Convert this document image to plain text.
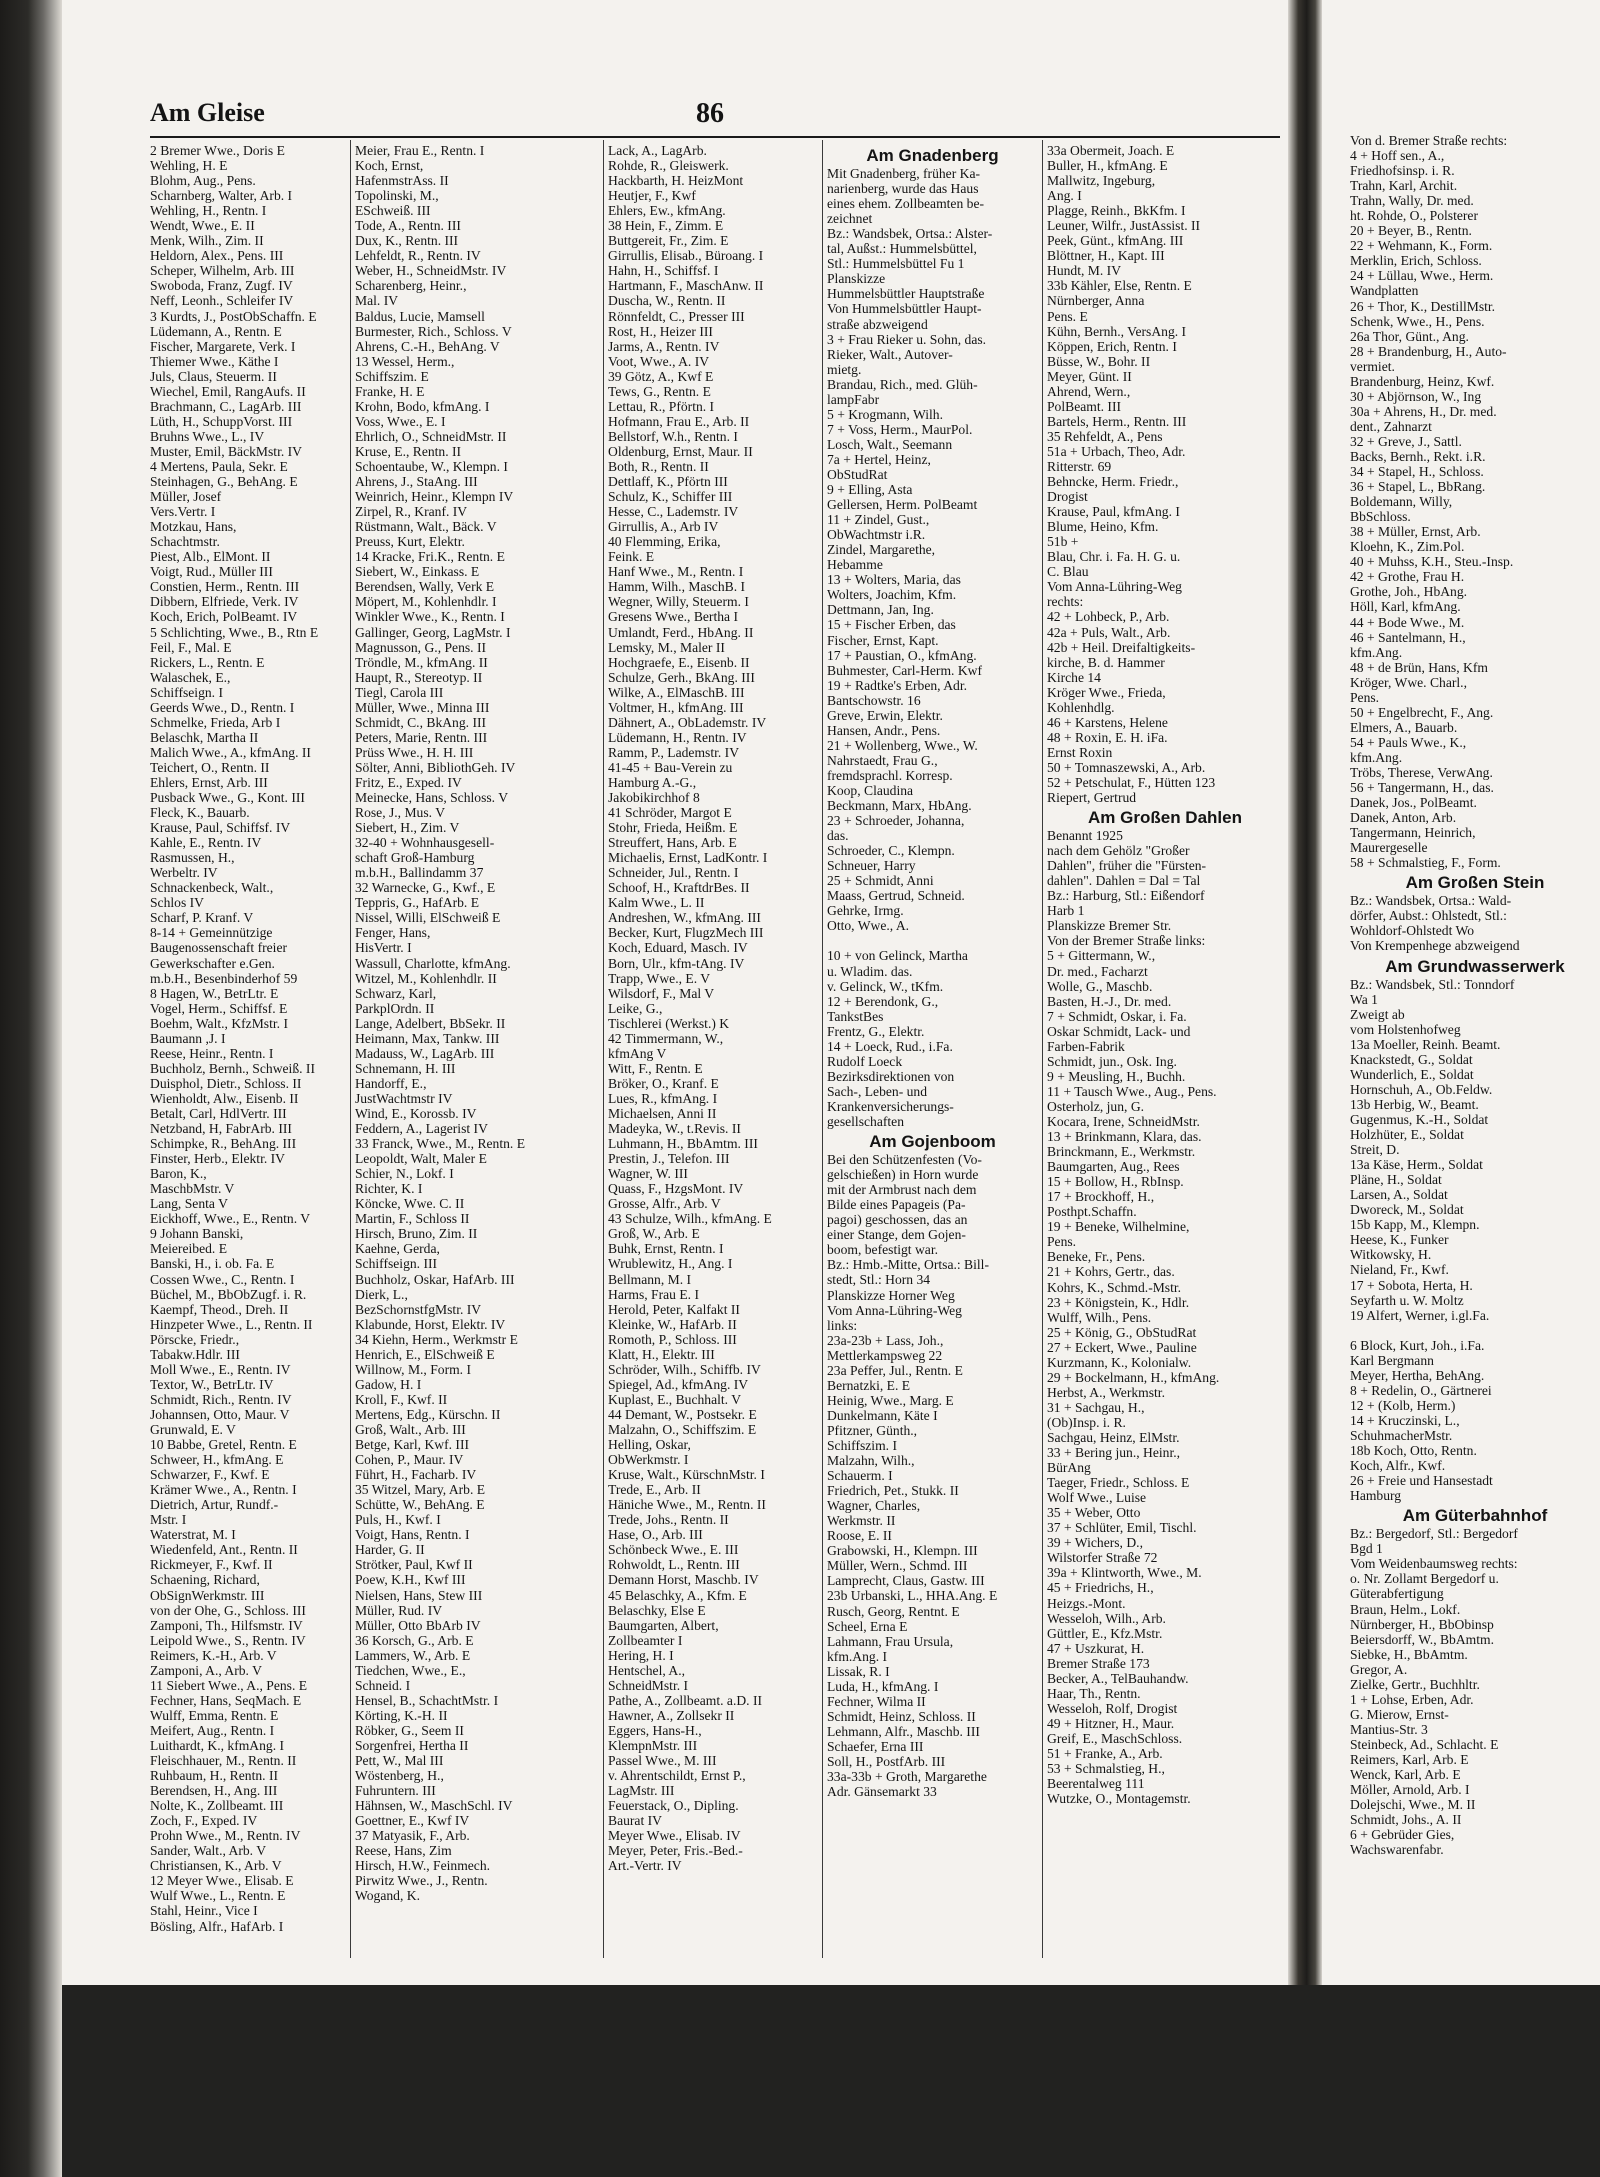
Am Gleise	86
2 Bremer Wwe., Doris E
Wehling, H. E
Blohm, Aug., Pens.
Scharnberg, Walter, Arb. I
Wehling, H., Rentn. I
Wendt, Wwe., E. II
Menk, Wilh., Zim. II
Heldorn, Alex., Pens. III
Scheper, Wilhelm, Arb. III
Swoboda, Franz, Zugf. IV
Neff, Leonh., Schleifer IV
3 Kurdts, J., PostObSchaffn. E
Lüdemann, A., Rentn. E
Fischer, Margarete, Verk. I
Thiemer Wwe., Käthe I
Juls, Claus, Steuerm. II
Wiechel, Emil, RangAufs. II
Brachmann, C., LagArb. III
Lüth, H., SchuppVorst. III
Bruhns Wwe., L., IV
Muster, Emil, BäckMstr. IV
4 Mertens, Paula, Sekr. E
Steinhagen, G., BehAng. E
Müller, Josef
Vers.Vertr. I
Motzkau, Hans,
Schachtmstr.
Piest, Alb., ElMont. II
Voigt, Rud., Müller III
Constien, Herm., Rentn. III
Dibbern, Elfriede, Verk. IV
Koch, Erich, PolBeamt. IV
5 Schlichting, Wwe., B., Rtn E
Feil, F., Mal. E
Rickers, L., Rentn. E
Walaschek, E.,
Schiffseign. I
Geerds Wwe., D., Rentn. I
Schmelke, Frieda, Arb I
Belaschk, Martha II
Malich Wwe., A., kfmAng. II
Teichert, O., Rentn. II
Ehlers, Ernst, Arb. III
Pusback Wwe., G., Kont. III
Fleck, K., Bauarb.
Krause, Paul, Schiffsf. IV
Kahle, E., Rentn. IV
Rasmussen, H.,
Werbeltr. IV
Schnackenbeck, Walt.,
Schlos IV
Scharf, P. Kranf. V
8-14 + Gemeinnützige
Baugenossenschaft freier
Gewerkschafter e.Gen.
m.b.H., Besenbinderhof 59
8 Hagen, W., BetrLtr. E
Vogel, Herm., Schiffsf. E
Boehm, Walt., KfzMstr. I
Baumann ,J. I
Reese, Heinr., Rentn. I
Buchholz, Bernh., Schweiß. II
Duisphol, Dietr., Schloss. II
Wienholdt, Alw., Eisenb. II
Betalt, Carl, HdlVertr. III
Netzband, H, FabrArb. III
Schimpke, R., BehAng. III
Finster, Herb., Elektr. IV
Baron, K.,
MaschbMstr. V
Lang, Senta V
Eickhoff, Wwe., E., Rentn. V
9 Johann Banski,
Meiereibed. E
Banski, H., i. ob. Fa. E
Cossen Wwe., C., Rentn. I
Büchel, M., BbObZugf. i. R.
Kaempf, Theod., Dreh. II
Hinzpeter Wwe., L., Rentn. II
Pörscke, Friedr.,
Tabakw.Hdlr. III
Moll Wwe., E., Rentn. IV
Textor, W., BetrLtr. IV
Schmidt, Rich., Rentn. IV
Johannsen, Otto, Maur. V
Grunwald, E. V
10 Babbe, Gretel, Rentn. E
Schweer, H., kfmAng. E
Schwarzer, F., Kwf. E
Krämer Wwe., A., Rentn. I
Dietrich, Artur, Rundf.-
Mstr. I
Waterstrat, M. I
Wiedenfeld, Ant., Rentn. II
Rickmeyer, F., Kwf. II
Schaening, Richard,
ObSignWerkmstr. III
von der Ohe, G., Schloss. III
Zamponi, Th., Hilfsmstr. IV
Leipold Wwe., S., Rentn. IV
Reimers, K.-H., Arb. V
Zamponi, A., Arb. V
11 Siebert Wwe., A., Pens. E
Fechner, Hans, SeqMach. E
Wulff, Emma, Rentn. E
Meifert, Aug., Rentn. I
Luithardt, K., kfmAng. I
Fleischhauer, M., Rentn. II
Ruhbaum, H., Rentn. II
Berendsen, H., Ang. III
Nolte, K., Zollbeamt. III
Zoch, F., Exped. IV
Prohn Wwe., M., Rentn. IV
Sander, Walt., Arb. V
Christiansen, K., Arb. V
12 Meyer Wwe., Elisab. E
Wulf Wwe., L., Rentn. E
Stahl, Heinr., Vice I
Bösling, Alfr., HafArb. I
Meier, Frau E., Rentn. I
Koch, Ernst,
HafenmstrAss. II
Topolinski, M.,
ESchweiß. III
Tode, A., Rentn. III
Dux, K., Rentn. III
Lehfeldt, R., Rentn. IV
Weber, H., SchneidMstr. IV
Scharenberg, Heinr.,
Mal. IV
Baldus, Lucie, Mamsell
Burmester, Rich., Schloss. V
Ahrens, C.-H., BehAng. V
13 Wessel, Herm.,
Schiffszim. E
Franke, H. E
Krohn, Bodo, kfmAng. I
Voss, Wwe., E. I
Ehrlich, O., SchneidMstr. II
Kruse, E., Rentn. II
Schoentaube, W., Klempn. I
Ahrens, J., StaAng. III
Weinrich, Heinr., Klempn IV
Zirpel, R., Kranf. IV
Rüstmann, Walt., Bäck. V
Preuss, Kurt, Elektr.
14 Kracke, Fri.K., Rentn. E
Siebert, W., Einkass. E
Berendsen, Wally, Verk E
Möpert, M., Kohlenhdlr. I
Winkler Wwe., K., Rentn. I
Gallinger, Georg, LagMstr. I
Magnusson, G., Pens. II
Tröndle, M., kfmAng. II
Haupt, R., Stereotyp. II
Tiegl, Carola III
Müller, Wwe., Minna III
Schmidt, C., BkAng. III
Peters, Marie, Rentn. III
Prüss Wwe., H. H. III
Sölter, Anni, BibliothGeh. IV
Fritz, E., Exped. IV
Meinecke, Hans, Schloss. V
Rose, J., Mus. V
Siebert, H., Zim. V
32-40 + Wohnhausgesell-
schaft Groß-Hamburg
m.b.H., Ballindamm 37
32 Warnecke, G., Kwf., E
Teppris, G., HafArb. E
Nissel, Willi, ElSchweiß E
Fenger, Hans,
HisVertr. I
Wassull, Charlotte, kfmAng.
Witzel, M., Kohlenhdlr. II
Schwarz, Karl,
ParkplOrdn. II
Lange, Adelbert, BbSekr. II
Heimann, Max, Tankw. III
Madauss, W., LagArb. III
Schnemann, H. III
Handorff, E.,
JustWachtmstr IV
Wind, E., Korossb. IV
Feddern, A., Lagerist IV
33 Franck, Wwe., M., Rentn. E
Leopoldt, Walt, Maler E
Schier, N., Lokf. I
Richter, K. I
Köncke, Wwe. C. II
Martin, F., Schloss II
Hirsch, Bruno, Zim. II
Kaehne, Gerda,
Schiffseign. III
Buchholz, Oskar, HafArb. III
Dierk, L.,
BezSchornstfgMstr. IV
Klabunde, Horst, Elektr. IV
34 Kiehn, Herm., Werkmstr E
Henrich, E., ElSchweiß E
Willnow, M., Form. I
Gadow, H. I
Kroll, F., Kwf. II
Mertens, Edg., Kürschn. II
Groß, Walt., Arb. III
Betge, Karl, Kwf. III
Cohen, P., Maur. IV
Führt, H., Facharb. IV
35 Witzel, Mary, Arb. E
Schütte, W., BehAng. E
Puls, H., Kwf. I
Voigt, Hans, Rentn. I
Harder, G. II
Strötker, Paul, Kwf II
Poew, K.H., Kwf III
Nielsen, Hans, Stew III
Müller, Rud. IV
Müller, Otto BbArb IV
36 Korsch, G., Arb. E
Lammers, W., Arb. E
Tiedchen, Wwe., E.,
Schneid. I
Hensel, B., SchachtMstr. I
Körting, K.-H. II
Röbker, G., Seem II
Sorgenfrei, Hertha II
Pett, W., Mal III
Wöstenberg, H.,
Fuhruntern. III
Hähnsen, W., MaschSchl. IV
Goettner, E., Kwf IV
37 Matyasik, F., Arb.
Reese, Hans, Zim
Hirsch, H.W., Feinmech.
Pirwitz Wwe., J., Rentn.
Wogand, K.
Lack, A., LagArb.
Rohde, R., Gleiswerk.
Hackbarth, H. HeizMont
Heutjer, F., Kwf
Ehlers, Ew., kfmAng.
38 Hein, F., Zimm. E
Buttgereit, Fr., Zim. E
Girrullis, Elisab., Büroang. I
Hahn, H., Schiffsf. I
Hartmann, F., MaschAnw. II
Duscha, W., Rentn. II
Rönnfeldt, C., Presser III
Rost, H., Heizer III
Jarms, A., Rentn. IV
Voot, Wwe., A. IV
39 Götz, A., Kwf E
Tews, G., Rentn. E
Lettau, R., Pförtn. I
Hofmann, Frau E., Arb. II
Bellstorf, W.h., Rentn. I
Oldenburg, Ernst, Maur. II
Both, R., Rentn. II
Dettlaff, K., Pförtn III
Schulz, K., Schiffer III
Hesse, C., Lademstr. IV
Girrullis, A., Arb IV
40 Flemming, Erika,
Feink. E
Hanf Wwe., M., Rentn. I
Hamm, Wilh., MaschB. I
Wegner, Willy, Steuerm. I
Gresens Wwe., Bertha I
Umlandt, Ferd., HbAng. II
Lemsky, M., Maler II
Hochgraefe, E., Eisenb. II
Schulze, Gerh., BkAng. III
Wilke, A., ElMaschB. III
Voltmer, H., kfmAng. III
Dähnert, A., ObLademstr. IV
Lüdemann, H., Rentn. IV
Ramm, P., Lademstr. IV
41-45 + Bau-Verein zu
Hamburg A.-G.,
Jakobikirchhof 8
41 Schröder, Margot E
Stohr, Frieda, Heißm. E
Streuffert, Hans, Arb. E
Michaelis, Ernst, LadKontr. I
Schneider, Jul., Rentn. I
Schoof, H., KraftdrBes. II
Kalm Wwe., L. II
Andreshen, W., kfmAng. III
Becker, Kurt, FlugzMech III
Koch, Eduard, Masch. IV
Born, Ulr., kfm-tAng. IV
Trapp, Wwe., E. V
Wilsdorf, F., Mal V
Leike, G.,
Tischlerei (Werkst.) K
42 Timmermann, W.,
kfmAng V
Witt, F., Rentn. E
Bröker, O., Kranf. E
Lues, R., kfmAng. I
Michaelsen, Anni II
Madeyka, W., t.Revis. II
Luhmann, H., BbAmtm. III
Prestin, J., Telefon. III
Wagner, W. III
Quass, F., HzgsMont. IV
Grosse, Alfr., Arb. V
43 Schulze, Wilh., kfmAng. E
Groß, W., Arb. E
Buhk, Ernst, Rentn. I
Wrublewitz, H., Ang. I
Bellmann, M. I
Harms, Frau E. I
Herold, Peter, Kalfakt II
Kleinke, W., HafArb. II
Romoth, P., Schloss. III
Klatt, H., Elektr. III
Schröder, Wilh., Schiffb. IV
Spiegel, Ad., kfmAng. IV
Kuplast, E., Buchhalt. V
44 Demant, W., Postsekr. E
Malzahn, O., Schiffszim. E
Helling, Oskar,
ObWerkmstr. I
Kruse, Walt., KürschnMstr. I
Trede, E., Arb. II
Häniche Wwe., M., Rentn. II
Trede, Johs., Rentn. II
Hase, O., Arb. III
Schönbeck Wwe., E. III
Rohwoldt, L., Rentn. III
Demann Horst, Maschb. IV
45 Belaschky, A., Kfm. E
Belaschky, Else E
Baumgarten, Albert,
Zollbeamter I
Hering, H. I
Hentschel, A.,
SchneidMstr. I
Pathe, A., Zollbeamt. a.D. II
Hawner, A., Zollsekr II
Eggers, Hans-H.,
KlempnMstr. III
Passel Wwe., M. III
v. Ahrentschildt, Ernst P.,
LagMstr. III
Feuerstack, O., Dipling.
Baurat IV
Meyer Wwe., Elisab. IV
Meyer, Peter, Fris.-Bed.-
Art.-Vertr. IV
Am Gnadenberg
Mit Gnadenberg, früher Ka-
narienberg, wurde das Haus
eines ehem. Zollbeamten be-
zeichnet
Bz.: Wandsbek, Ortsa.: Alster-
tal, Außst.: Hummelsbüttel,
Stl.: Hummelsbüttel Fu 1
Planskizze
Hummelsbüttler Hauptstraße
Von Hummelsbüttler Haupt-
straße abzweigend
3 + Frau Rieker u. Sohn, das.
Rieker, Walt., Autover-
mietg.
Brandau, Rich., med. Glüh-
lampFabr
5 + Krogmann, Wilh.
7 + Voss, Herm., MaurPol.
Losch, Walt., Seemann
7a + Hertel, Heinz,
ObStudRat
9 + Elling, Asta
Gellersen, Herm. PolBeamt
11 + Zindel, Gust.,
ObWachtmstr i.R.
Zindel, Margarethe,
Hebamme
13 + Wolters, Maria, das
Wolters, Joachim, Kfm.
Dettmann, Jan, Ing.
15 + Fischer Erben, das
Fischer, Ernst, Kapt.
17 + Paustian, O., kfmAng.
Buhmester, Carl-Herm. Kwf
19 + Radtke's Erben, Adr.
Bantschowstr. 16
Greve, Erwin, Elektr.
Hansen, Andr., Pens.
21 + Wollenberg, Wwe., W.
Nahrstaedt, Frau G.,
fremdsprachl. Korresp.
Koop, Claudina
Beckmann, Marx, HbAng.
23 + Schroeder, Johanna,
das.
Schroeder, C., Klempn.
Schneuer, Harry
25 + Schmidt, Anni
Maass, Gertrud, Schneid.
Gehrke, Irmg.
Otto, Wwe., A.

10 + von Gelinck, Martha
u. Wladim. das.
v. Gelinck, W., tKfm.
12 + Berendonk, G.,
TankstBes
Frentz, G., Elektr.
14 + Loeck, Rud., i.Fa.
Rudolf Loeck
Bezirksdirektionen von
Sach-, Leben- und
Krankenversicherungs-
gesellschaften
Am Gojenboom
Bei den Schützenfesten (Vo-
gelschießen) in Horn wurde
mit der Armbrust nach dem
Bilde eines Papageis (Pa-
pagoi) geschossen, das an
einer Stange, dem Gojen-
boom, befestigt war.
Bz.: Hmb.-Mitte, Ortsa.: Bill-
stedt, Stl.: Horn 34
Planskizze Horner Weg
Vom Anna-Lühring-Weg
links:
23a-23b + Lass, Joh.,
Mettlerkampsweg 22
23a Peffer, Jul., Rentn. E
Bernatzki, E. E
Heinig, Wwe., Marg. E
Dunkelmann, Käte I
Pfitzner, Günth.,
Schiffszim. I
Malzahn, Wilh.,
Schauerm. I
Friedrich, Pet., Stukk. II
Wagner, Charles,
Werkmstr. II
Roose, E. II
Grabowski, H., Klempn. III
Müller, Wern., Schmd. III
Lamprecht, Claus, Gastw. III
23b Urbanski, L., HHA.Ang. E
Rusch, Georg, Rentnt. E
Scheel, Erna E
Lahmann, Frau Ursula,
kfm.Ang. I
Lissak, R. I
Luda, H., kfmAng. I
Fechner, Wilma II
Schmidt, Heinz, Schloss. II
Lehmann, Alfr., Maschb. III
Schaefer, Erna III
Soll, H., PostfArb. III
33a-33b + Groth, Margarethe
Adr. Gänsemarkt 33
33a Obermeit, Joach. E
Buller, H., kfmAng. E
Mallwitz, Ingeburg,
Ang. I
Plagge, Reinh., BkKfm. I
Leuner, Wilfr., JustAssist. II
Peek, Günt., kfmAng. III
Blöttner, H., Kapt. III
Hundt, M. IV
33b Kähler, Else, Rentn. E
Nürnberger, Anna
Pens. E
Kühn, Bernh., VersAng. I
Köppen, Erich, Rentn. I
Büsse, W., Bohr. II
Meyer, Günt. II
Ahrend, Wern.,
PolBeamt. III
Bartels, Herm., Rentn. III
35 Rehfeldt, A., Pens
51a + Urbach, Theo, Adr.
Ritterstr. 69
Behncke, Herm. Friedr.,
Drogist
Krause, Paul, kfmAng. I
Blume, Heino, Kfm.
51b +
Blau, Chr. i. Fa. H. G. u.
C. Blau
Vom Anna-Lühring-Weg
rechts:
42 + Lohbeck, P., Arb.
42a + Puls, Walt., Arb.
42b + Heil. Dreifaltigkeits-
kirche, B. d. Hammer
Kirche 14
Kröger Wwe., Frieda,
Kohlenhdlg.
46 + Karstens, Helene
48 + Roxin, E. H. iFa.
Ernst Roxin
50 + Tomnaszewski, A., Arb.
52 + Petschulat, F., Hütten 123
Riepert, Gertrud
Am Großen Dahlen
Benannt 1925
nach dem Gehölz "Großer
Dahlen", früher die "Fürsten-
dahlen". Dahlen = Dal = Tal
Bz.: Harburg, Stl.: Eißendorf
Harb 1
Planskizze Bremer Str.
Von der Bremer Straße links:
5 + Gittermann, W.,
Dr. med., Facharzt
Wolle, G., Maschb.
Basten, H.-J., Dr. med.
7 + Schmidt, Oskar, i. Fa.
Oskar Schmidt, Lack- und
Farben-Fabrik
Schmidt, jun., Osk. Ing.
9 + Meusling, H., Buchh.
11 + Tausch Wwe., Aug., Pens.
Osterholz, jun, G.
Kocara, Irene, SchneidMstr.
13 + Brinkmann, Klara, das.
Brinckmann, E., Werkmstr.
Baumgarten, Aug., Rees
15 + Bollow, H., RbInsp.
17 + Brockhoff, H.,
Posthpt.Schaffn.
19 + Beneke, Wilhelmine,
Pens.
Beneke, Fr., Pens.
21 + Kohrs, Gertr., das.
Kohrs, K., Schmd.-Mstr.
23 + Königstein, K., Hdlr.
Wulff, Wilh., Pens.
25 + König, G., ObStudRat
27 + Eckert, Wwe., Pauline
Kurzmann, K., Kolonialw.
29 + Bockelmann, H., kfmAng.
Herbst, A., Werkmstr.
31 + Sachgau, H.,
(Ob)Insp. i. R.
Sachgau, Heinz, ElMstr.
33 + Bering jun., Heinr.,
BürAng
Taeger, Friedr., Schloss. E
Wolf Wwe., Luise
35 + Weber, Otto
37 + Schlüter, Emil, Tischl.
39 + Wichers, D.,
Wilstorfer Straße 72
39a + Klintworth, Wwe., M.
45 + Friedrichs, H.,
Heizgs.-Mont.
Wesseloh, Wilh., Arb.
Güttler, E., Kfz.Mstr.
47 + Uszkurat, H.
Bremer Straße 173
Becker, A., TelBauhandw.
Haar, Th., Rentn.
Wesseloh, Rolf, Drogist
49 + Hitzner, H., Maur.
Greif, E., MaschSchloss.
51 + Franke, A., Arb.
53 + Schmalstieg, H.,
Beerentalweg 111
Wutzke, O., Montagemstr.
Von d. Bremer Straße rechts:
4 + Hoff sen., A.,
Friedhofsinsp. i. R.
Trahn, Karl, Archit.
Trahn, Wally, Dr. med.
ht. Rohde, O., Polsterer
20 + Beyer, B., Rentn.
22 + Wehmann, K., Form.
Merklin, Erich, Schloss.
24 + Lüllau, Wwe., Herm.
Wandplatten
26 + Thor, K., DestillMstr.
Schenk, Wwe., H., Pens.
26a Thor, Günt., Ang.
28 + Brandenburg, H., Auto-
vermiet.
Brandenburg, Heinz, Kwf.
30 + Abjörnson, W., Ing
30a + Ahrens, H., Dr. med.
dent., Zahnarzt
32 + Greve, J., Sattl.
Backs, Bernh., Rekt. i.R.
34 + Stapel, H., Schloss.
36 + Stapel, L., BbRang.
Boldemann, Willy,
BbSchloss.
38 + Müller, Ernst, Arb.
Kloehn, K., Zim.Pol.
40 + Muhss, K.H., Steu.-Insp.
42 + Grothe, Frau H.
Grothe, Joh., HbAng.
Höll, Karl, kfmAng.
44 + Bode Wwe., M.
46 + Santelmann, H.,
kfm.Ang.
48 + de Brün, Hans, Kfm
Kröger, Wwe. Charl.,
Pens.
50 + Engelbrecht, F., Ang.
Elmers, A., Bauarb.
54 + Pauls Wwe., K.,
kfm.Ang.
Tröbs, Therese, VerwAng.
56 + Tangermann, H., das.
Danek, Jos., PolBeamt.
Danek, Anton, Arb.
Tangermann, Heinrich,
Maurergeselle
58 + Schmalstieg, F., Form.
Am Großen Stein
Bz.: Wandsbek, Ortsa.: Wald-
dörfer, Aubst.: Ohlstedt, Stl.:
Wohldorf-Ohlstedt Wo
Von Krempenhege abzweigend
Am Grundwasserwerk
Bz.: Wandsbek, Stl.: Tonndorf
Wa 1
Zweigt ab
vom Holstenhofweg
13a Moeller, Reinh. Beamt.
Knackstedt, G., Soldat
Wunderlich, E., Soldat
Hornschuh, A., Ob.Feldw.
13b Herbig, W., Beamt.
Gugenmus, K.-H., Soldat
Holzhüter, E., Soldat
Streit, D.
13a Käse, Herm., Soldat
Pläne, H., Soldat
Larsen, A., Soldat
Dworeck, M., Soldat
15b Kapp, M., Klempn.
Heese, K., Funker
Witkowsky, H.
Nieland, Fr., Kwf.
17 + Sobota, Herta, H.
Seyfarth u. W. Moltz
19 Alfert, Werner, i.gl.Fa.

6 Block, Kurt, Joh., i.Fa.
Karl Bergmann
Meyer, Hertha, BehAng.
8 + Redelin, O., Gärtnerei
12 + (Kolb, Herm.)
14 + Kruczinski, L.,
SchuhmacherMstr.
18b Koch, Otto, Rentn.
Koch, Alfr., Kwf.
26 + Freie und Hansestadt
Hamburg
Am Güterbahnhof
Bz.: Bergedorf, Stl.: Bergedorf
Bgd 1
Vom Weidenbaumsweg rechts:
o. Nr. Zollamt Bergedorf u.
Güterabfertigung
Braun, Helm., Lokf.
Nürnberger, H., BbObinsp
Beiersdorff, W., BbAmtm.
Siebke, H., BbAmtm.
Gregor, A.
Zielke, Gertr., Buchhltr.
1 + Lohse, Erben, Adr.
G. Mierow, Ernst-
Mantius-Str. 3
Steinbeck, Ad., Schlacht. E
Reimers, Karl, Arb. E
Wenck, Karl, Arb. E
Möller, Arnold, Arb. I
Dolejschi, Wwe., M. II
Schmidt, Johs., A. II
6 + Gebrüder Gies,
Wachswarenfabr.
